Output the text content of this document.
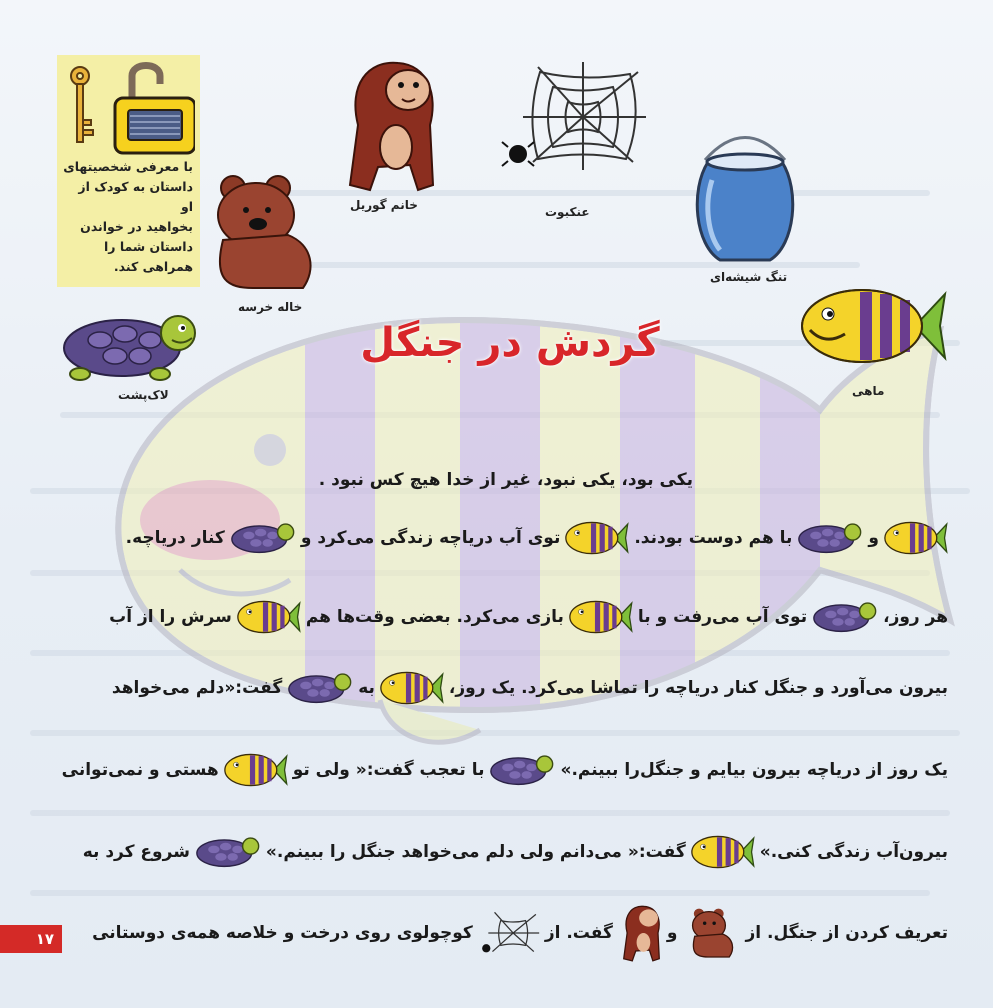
با معرفی شخصیتهای
داستان به کودک از او
بخواهید در خواندن
داستان شما را
همراهی کند.
خانم گوریل	عنکبوت
تنگ شیشه‌ای
خاله خرسه
لاک‌پشت	ماهی
گردش در جنگل
یکی بود، یکی نبود، غیر از خدا هیچ کس نبود .
و
با هم دوست بودند.
توی آب دریاچه زندگی می‌کرد و
کنار دریاچه.
هر روز،
توی آب می‌رفت و با
بازی می‌کرد. بعضی وقت‌ها هم
سرش را از آب
بیرون می‌آورد و جنگل کنار دریاچه را تماشا می‌کرد. یک روز،
به
گفت:«دلم می‌خواهد
یک روز از دریاچه بیرون بیایم و جنگل‌را ببینم.»
با تعجب گفت:« ولی تو
هستی و نمی‌توانی
بیرون‌آب زندگی کنی.»
گفت:« می‌دانم ولی دلم می‌خواهد جنگل را ببینم.»
شروع کرد به
تعریف کردن از جنگل. از
و
گفت. از
کوچولوی روی درخت و خلاصه همه‌ی دوستانی
۱۷
